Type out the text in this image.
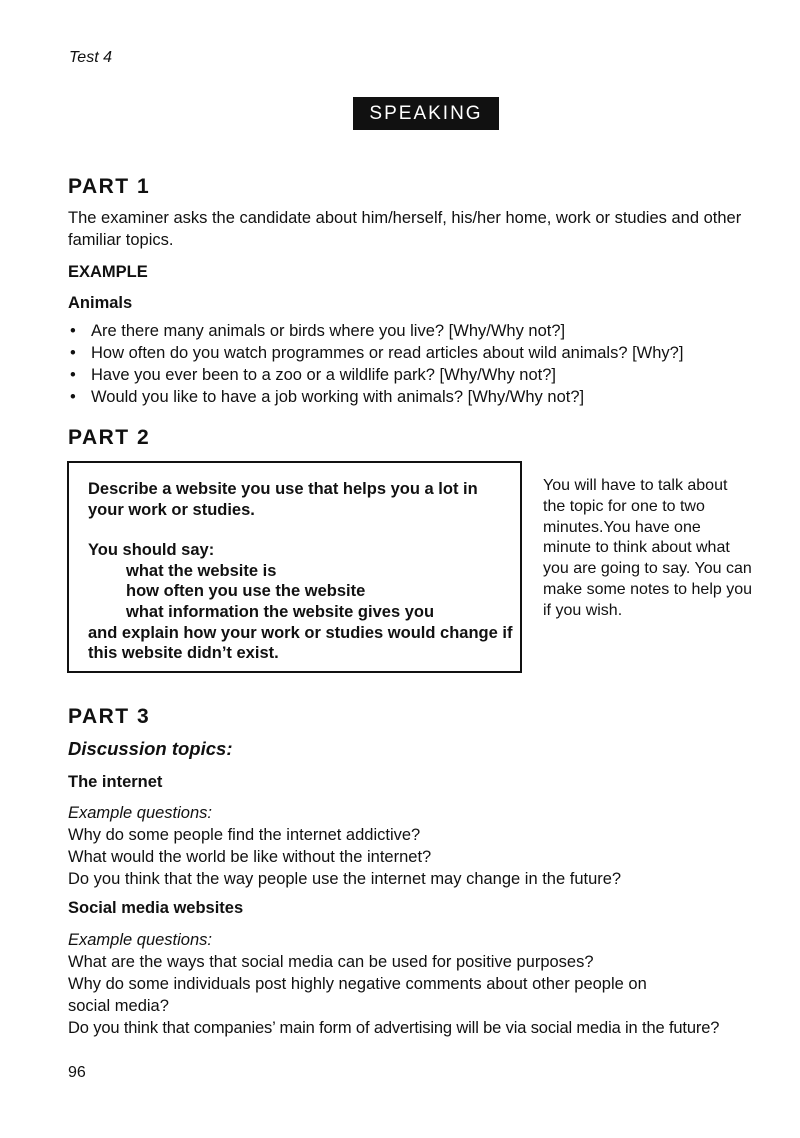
Test 4
SPEAKING
PART 1
The examiner asks the candidate about him/herself, his/her home, work or studies and other familiar topics.
EXAMPLE
Animals
• Are there many animals or birds where you live? [Why/Why not?]
• How often do you watch programmes or read articles about wild animals? [Why?]
• Have you ever been to a zoo or a wildlife park? [Why/Why not?]
• Would you like to have a job working with animals? [Why/Why not?]
PART 2
Describe a website you use that helps you a lot in your work or studies.
You should say:
what the website is
how often you use the website
what information the website gives you
and explain how your work or studies would change if this website didn’t exist.
You will have to talk about the topic for one to two minutes.You have one minute to think about what you are going to say. You can make some notes to help you if you wish.
PART 3
Discussion topics:
The internet
Example questions:
Why do some people find the internet addictive?
What would the world be like without the internet?
Do you think that the way people use the internet may change in the future?
Social media websites
Example questions:
What are the ways that social media can be used for positive purposes?
Why do some individuals post highly negative comments about other people on social media?
Do you think that companies’ main form of advertising will be via social media in the future?
96
